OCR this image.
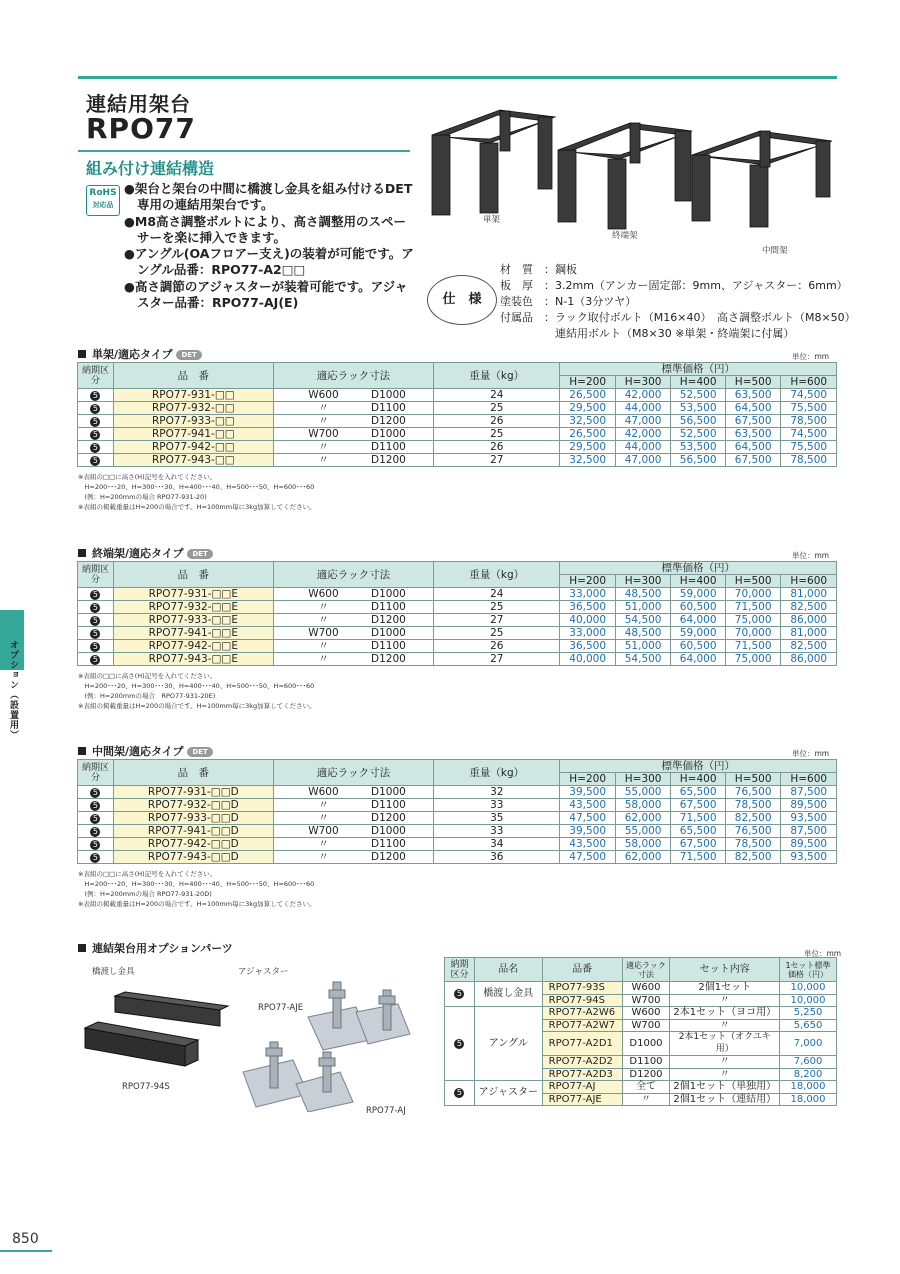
連結用架台
RPO77
組み付け連結構造
RoHS
対応品
●架台と架台の中間に橋渡し金具を組み付けるDET専用の連結用架台です。
●M8高さ調整ボルトにより、高さ調整用のスペーサーを楽に挿入できます。
●アングル(OAフロアー支え)の装着が可能です。アングル品番：RPO77-A2□□
●高さ調節のアジャスターが装着可能です。アジャスター品番：RPO77-AJ(E)
単架
終端架
中間架
仕　様
材　質 ：鋼板
板　厚 ：3.2mm（アンカー固定部：9mm、アジャスター：6mm）
塗装色 ：N-1（3分ツヤ）
付属品 ：ラック取付ボルト（M16×40）　高さ調整ボルト（M8×50）
　連結用ボルト（M8×30 ※単架・終端架に付属）
単架/適応タイプ DET	単位：mm
納期区分	品　番	適応ラック寸法	重量（kg）	標準価格（円）				
				H=200	H=300	H=400	H=500	H=600
5	RPO77-931-□□	W600 D1000	24	26,500	42,000	52,500	63,500	74,500
5	RPO77-932-□□	〃 D1100	25	29,500	44,000	53,500	64,500	75,500
5	RPO77-933-□□	〃 D1200	26	32,500	47,000	56,500	67,500	78,500
5	RPO77-941-□□	W700 D1000	25	26,500	42,000	52,500	63,500	74,500
5	RPO77-942-□□	〃 D1100	26	29,500	44,000	53,500	64,500	75,500
5	RPO77-943-□□	〃 D1200	27	32,500	47,000	56,500	67,500	78,500
※表組の□□に高さ(H)記号を入れてください。
　H=200･･･20、H=300･･･30、H=400･･･40、H=500･･･50、H=600･･･60
　(例：H=200mmの場合 RPO77-931-20)
※表組の掲載重量はH=200の場合です。H=100mm毎に3kg加算してください。
終端架/適応タイプ DET	単位：mm
納期区分	品　番	適応ラック寸法	重量（kg）	標準価格（円）				
				H=200	H=300	H=400	H=500	H=600
5	RPO77-931-□□E	W600 D1000	24	33,000	48,500	59,000	70,000	81,000
5	RPO77-932-□□E	〃 D1100	25	36,500	51,000	60,500	71,500	82,500
5	RPO77-933-□□E	〃 D1200	27	40,000	54,500	64,000	75,000	86,000
5	RPO77-941-□□E	W700 D1000	25	33,000	48,500	59,000	70,000	81,000
5	RPO77-942-□□E	〃 D1100	26	36,500	51,000	60,500	71,500	82,500
5	RPO77-943-□□E	〃 D1200	27	40,000	54,500	64,000	75,000	86,000
※表組の□□に高さ(H)記号を入れてください。
　H=200･･･20、H=300･･･30、H=400･･･40、H=500･･･50、H=600･･･60
　(例：H=200mmの場合　RPO77-931-20E)
※表組の掲載重量はH=200の場合です。H=100mm毎に3kg加算してください。
中間架/適応タイプ DET	単位：mm
納期区分	品　番	適応ラック寸法	重量（kg）	標準価格（円）				
				H=200	H=300	H=400	H=500	H=600
5	RPO77-931-□□D	W600 D1000	32	39,500	55,000	65,500	76,500	87,500
5	RPO77-932-□□D	〃 D1100	33	43,500	58,000	67,500	78,500	89,500
5	RPO77-933-□□D	〃 D1200	35	47,500	62,000	71,500	82,500	93,500
5	RPO77-941-□□D	W700 D1000	33	39,500	55,000	65,500	76,500	87,500
5	RPO77-942-□□D	〃 D1100	34	43,500	58,000	67,500	78,500	89,500
5	RPO77-943-□□D	〃 D1200	36	47,500	62,000	71,500	82,500	93,500
※表組の□□に高さ(H)記号を入れてください。
　H=200･･･20、H=300･･･30、H=400･･･40、H=500･･･50、H=600･･･60
　(例：H=200mmの場合 RPO77-931-20D)
※表組の掲載重量はH=200の場合です。H=100mm毎に3kg加算してください。
連結架台用オプションパーツ
橋渡し金具	アジャスター
RPO77-94S
RPO77-AJE
RPO77-AJ
単位：mm
納期区分	品名	品番	適応ラック寸法	セット内容	1セット標準価格（円）
5	橋渡し金具	RPO77-93S	W600	2個1セット	10,000
		RPO77-94S	W700	〃	10,000
5	アングル	RPO77-A2W6	W600	2本1セット（ヨコ用）	5,250
		RPO77-A2W7	W700	〃	5,650
		RPO77-A2D1	D1000	2本1セット（オクユキ用）	7,000
		RPO77-A2D2	D1100	〃	7,600
		RPO77-A2D3	D1200	〃	8,200
5	アジャスター	RPO77-AJ	全て	2個1セット（単独用）	18,000
		RPO77-AJE	〃	2個1セット（連結用）	18,000
オプション（設置用）
850
